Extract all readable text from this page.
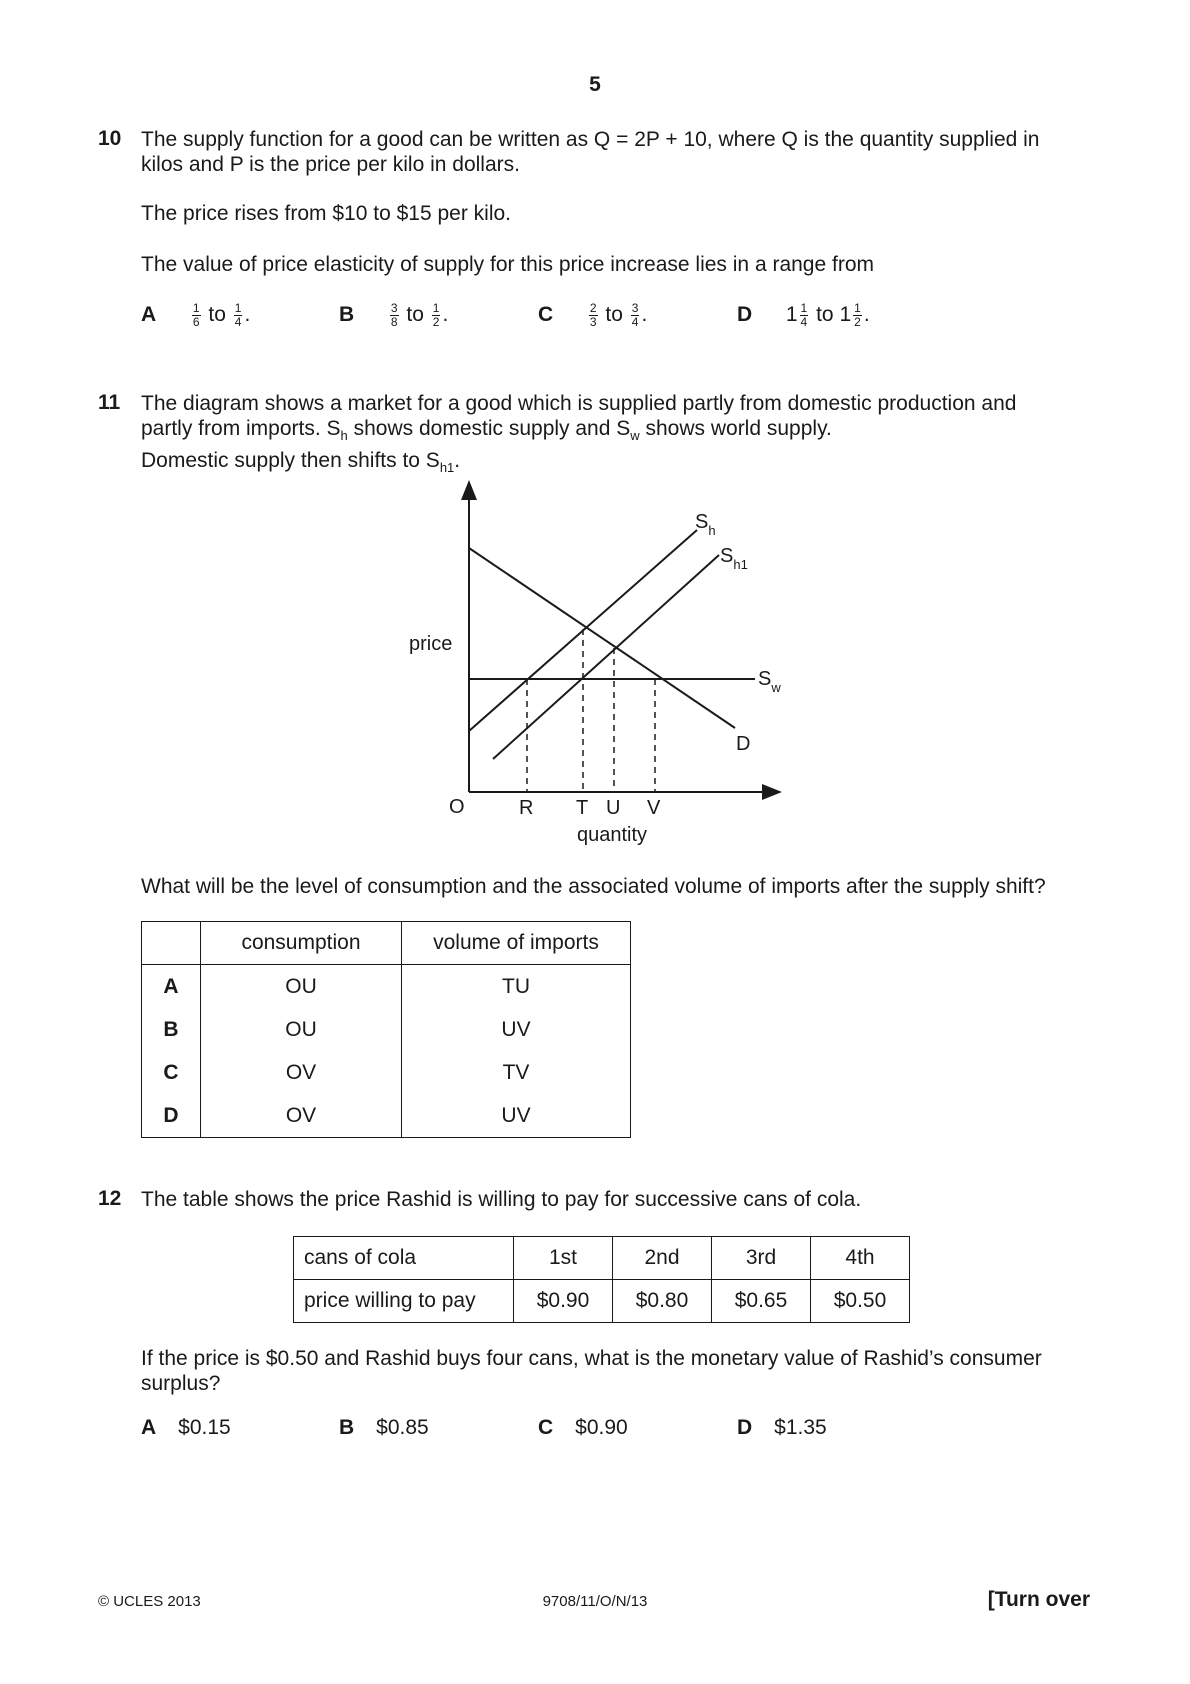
5
10 The supply function for a good can be written as Q = 2P + 10, where Q is the quantity supplied in
kilos and P is the price per kilo in dollars.
The price rises from $10 to $15 per kilo.
The value of price elasticity of supply for this price increase lies in a range from
A	$\frac{1}{6}$ to $\frac{1}{4}$ .	B	$\frac{3}{8}$ to $\frac{1}{2}$ .	C	$\frac{2}{3}$ to $\frac{3}{4}$ .	D $1 \frac{1}{4}$ to $1 \frac{1}{2}$ .
11 The diagram shows a market for a good which is supplied partly from domestic production and
partly from imports. $S_h$ shows domestic supply and $S_w$ shows world supply.
Domestic supply then shifts to $S_{h1}$.
price
O	R T U V
quantity
$S_h$
$S_{h1}$
$S_w$
D
What will be the level of consumption and the associated volume of imports after the supply shift?
	consumption	volume of imports
A	OU	TU
B	OU	UV
C	OV	TV
D	OV	UV
12 The table shows the price Rashid is willing to pay for successive cans of cola.
cans of cola	1st	2nd	3rd	4th
price willing to pay	$0.90	$0.80	$0.65	$0.50
If the price is $0.50 and Rashid buys four cans, what is the monetary value of Rashid’s consumer
surplus?
A $0.15	B $0.85	C $0.90	D $1.35
© UCLES 2013	9708/11/O/N/13	[Turn over
